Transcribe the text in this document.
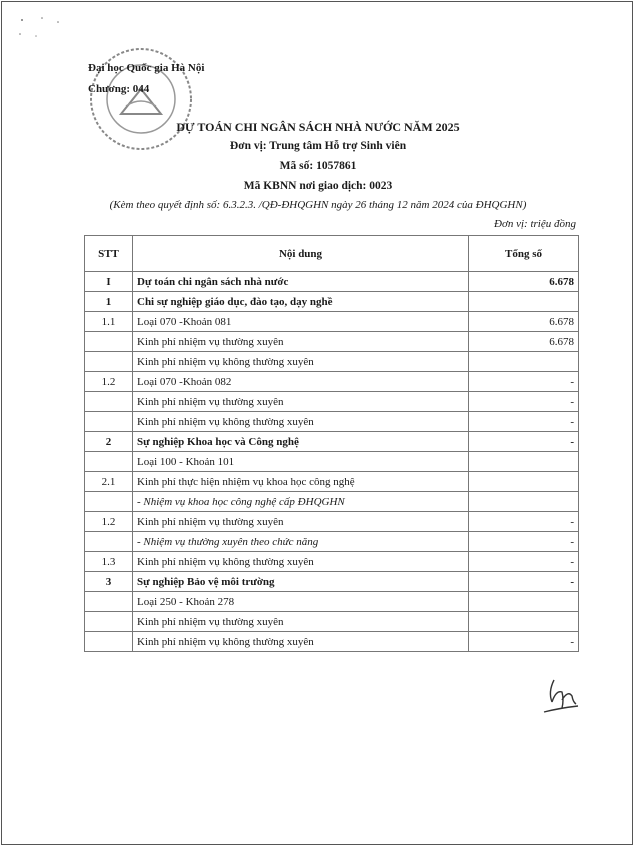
Đại học Quốc gia Hà Nội
Chương: 044
DỰ TOÁN CHI NGÂN SÁCH NHÀ NƯỚC NĂM 2025
Đơn vị: Trung tâm Hỗ trợ Sinh viên
Mã số: 1057861
Mã KBNN nơi giao dịch: 0023
(Kèm theo quyết định số: 6.3.2.3. /QĐ-ĐHQGHN ngày 26 tháng 12 năm 2024 của ĐHQGHN)
Đơn vị: triệu đồng
STT	Nội dung	Tổng số
I	Dự toán chi ngân sách nhà nước	6.678
1	Chi sự nghiệp giáo dục, đào tạo, dạy nghề	
1.1	Loại 070 -Khoản 081	6.678
	Kinh phí nhiệm vụ thường xuyên	6.678
	Kinh phí nhiệm vụ không thường xuyên	
1.2	Loại 070 -Khoản 082	-
	Kinh phí nhiệm vụ thường xuyên	-
	Kinh phí nhiệm vụ không thường xuyên	-
2	Sự nghiệp Khoa học và Công nghệ	-
	Loại 100 - Khoản 101	
2.1	Kinh phí thực hiện nhiệm vụ khoa học công nghệ	
	- Nhiệm vụ khoa học công nghệ cấp ĐHQGHN	
1.2	Kinh phí nhiệm vụ thường xuyên	-
	- Nhiệm vụ thường xuyên theo chức năng	-
1.3	Kinh phí nhiệm vụ không thường xuyên	-
3	Sự nghiệp Bảo vệ môi trường	-
	Loại 250 - Khoản 278	
	Kinh phí nhiệm vụ thường xuyên	
	Kinh phí nhiệm vụ không thường xuyên	-
